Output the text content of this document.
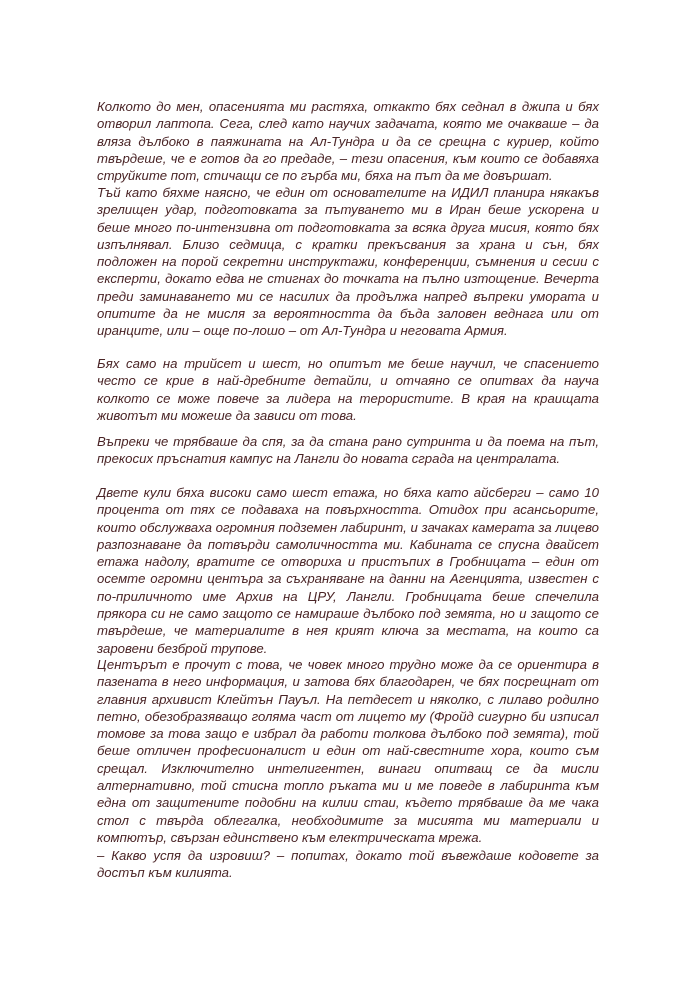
Колкото до мен, опасенията ми растяха, откакто бях седнал в джипа и бях отворил лаптопа. Сега, след като научих задачата, която ме очакваше – да вляза дълбоко в паяжината на Ал-Тундра и да се срещна с куриер, който твърдеше, че е готов да го предаде, – тези опасения, към които се добавяха струйките пот, стичащи се по гърба ми, бяха на път да ме довършат.

Тъй като бяхме наясно, че един от основателите на ИДИЛ планира някакъв зрелищен удар, подготовката за пътуването ми в Иран беше ускорена и беше много по-интензивна от подготовката за всяка друга мисия, която бях изпълнявал. Близо седмица, с кратки прекъсвания за храна и сън, бях подложен на порой секретни инструктажи, конференции, съмнения и сесии с експерти, докато едва не стигнах до точката на пълно изтощение. Вечерта преди заминаването ми се насилих да продължа напред въпреки умората и опитите да не мисля за вероятността да бъда заловен веднага или от иранците, или – още по-лошо – от Ал-Тундра и неговата Армия.

Бях само на трийсет и шест, но опитът ме беше научил, че спасението често се крие в най-дребните детайли, и отчаяно се опитвах да науча колкото се може повече за лидера на терористите. В края на краищата животът ми можеше да зависи от това.

Въпреки че трябваше да спя, за да стана рано сутринта и да поема на път, прекосих пръснатия кампус на Лангли до новата сграда на централата.

Двете кули бяха високи само шест етажа, но бяха като айсберги – само 10 процента от тях се подаваха на повърхността. Отидох при асансьорите, които обслужваха огромния подземен лабиринт, и зачаках камерата за лицево разпознаване да потвърди самоличността ми. Кабината се спусна двайсет етажа надолу, вратите се отвориха и пристъпих в Гробницата – един от осемте огромни центъра за съхраняване на данни на Агенцията, известен с по-приличното име Архив на ЦРУ, Лангли. Гробницата беше спечелила прякора си не само защото се намираше дълбоко под земята, но и защото се твърдеше, че материалите в нея крият ключа за местата, на които са заровени безброй трупове.

Центърът е прочут с това, че човек много трудно може да се ориентира в пазената в него информация, и затова бях благодарен, че бях посрещнат от главния архивист Клейтън Пауъл. На петдесет и няколко, с лилаво родилно петно, обезобразяващо голяма част от лицето му (Фройд сигурно би изписал томове за това защо е избрал да работи толкова дълбоко под земята), той беше отличен професионалист и един от най-свестните хора, които съм срещал. Изключително интелигентен, винаги опитващ се да мисли алтернативно, той стисна топло ръката ми и ме поведе в лабиринта към една от защитените подобни на килии стаи, където трябваше да ме чака стол с твърда облегалка, необходимите за мисията ми материали и компютър, свързан единствено към електрическата мрежа.

– Какво успя да изровиш? – попитах, докато той въвеждаше кодовете за достъп към килията.
